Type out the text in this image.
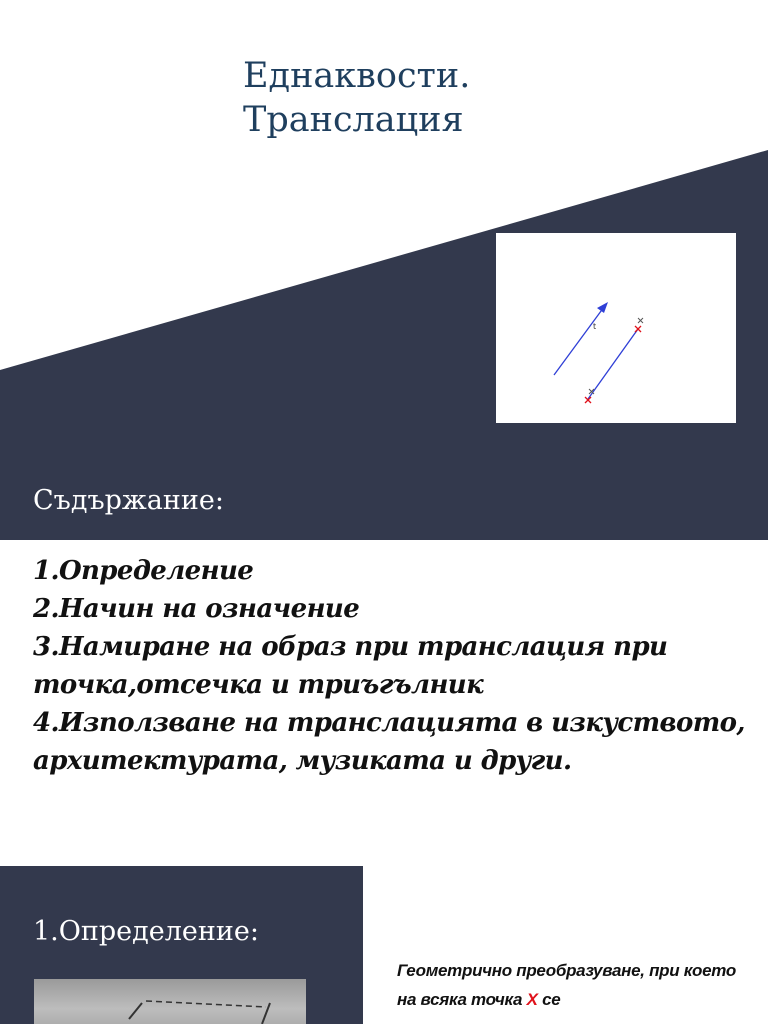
Еднаквости.
Транслация
t
Съдържание:
1.Определение
2.Начин на означение
3.Намиране на образ при транслация при точка,отсечка и триъгълник
4.Използване на транслацията в изкуството, архитектурата, музиката и други.
1.Определение:
Геометрично преобразуване, при което на всяка точка X се
